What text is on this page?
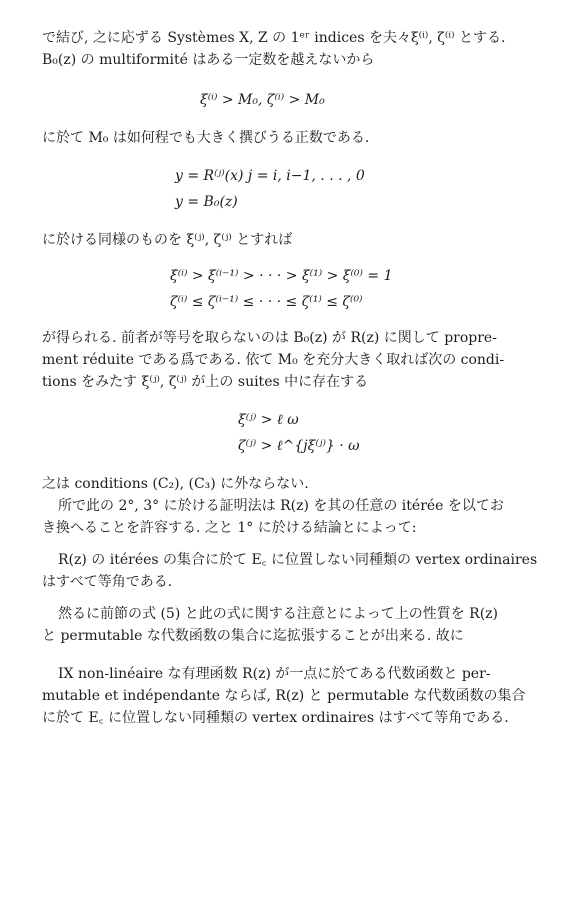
で結び, 之に応ずる Systèmes X, Z の 1ᵉʳ indices を夫々ξ⁽ⁱ⁾, ζ⁽ⁱ⁾ とする.
B₀(z) の multiformité はある一定数を越えないから
ξ⁽ⁱ⁾ > M₀, ζ⁽ⁱ⁾ > M₀
に於て M₀ は如何程でも大きく撰びうる正数である.
y = R⁽ʲ⁾(x) j = i, i−1, . . . , 0
y = B₀(z)
に於ける同様のものを ξ⁽ʲ⁾, ζ⁽ʲ⁾ とすれば
ξ⁽ⁱ⁾ > ξ⁽ⁱ⁻¹⁾ > · · · > ξ⁽¹⁾ > ξ⁽⁰⁾ = 1
ζ⁽ⁱ⁾ ≤ ζ⁽ⁱ⁻¹⁾ ≤ · · · ≤ ζ⁽¹⁾ ≤ ζ⁽⁰⁾
が得られる. 前者が等号を取らないのは B₀(z) が R(z) に関して propre-
ment réduite である爲である. 依て M₀ を充分大きく取れば次の condi-
tions をみたす ξ⁽ʲ⁾, ζ⁽ʲ⁾ が上の suites 中に存在する
ξ⁽ʲ⁾ > ℓ ω
ζ⁽ʲ⁾ > ℓ^{jξ⁽ʲ⁾} · ω
之は conditions (C₂), (C₃) に外ならない.
所で此の 2°, 3° に於ける証明法は R(z) を其の任意の itérée を以てお
き換へることを許容する. 之と 1° に於ける結論とによって:
R(z) の itérées の集合に於て E꜀ に位置しない同種類の vertex ordinaires
はすべて等角である.
然るに前節の式 (5) と此の式に関する注意とによって上の性質を R(z)
と permutable な代数函数の集合に迄拡張することが出来る. 故に
IX non-linéaire な有理函数 R(z) が一点に於てある代数函数と per-
mutable et indépendante ならば, R(z) と permutable な代数函数の集合
に於て E꜀ に位置しない同種類の vertex ordinaires はすべて等角である.
